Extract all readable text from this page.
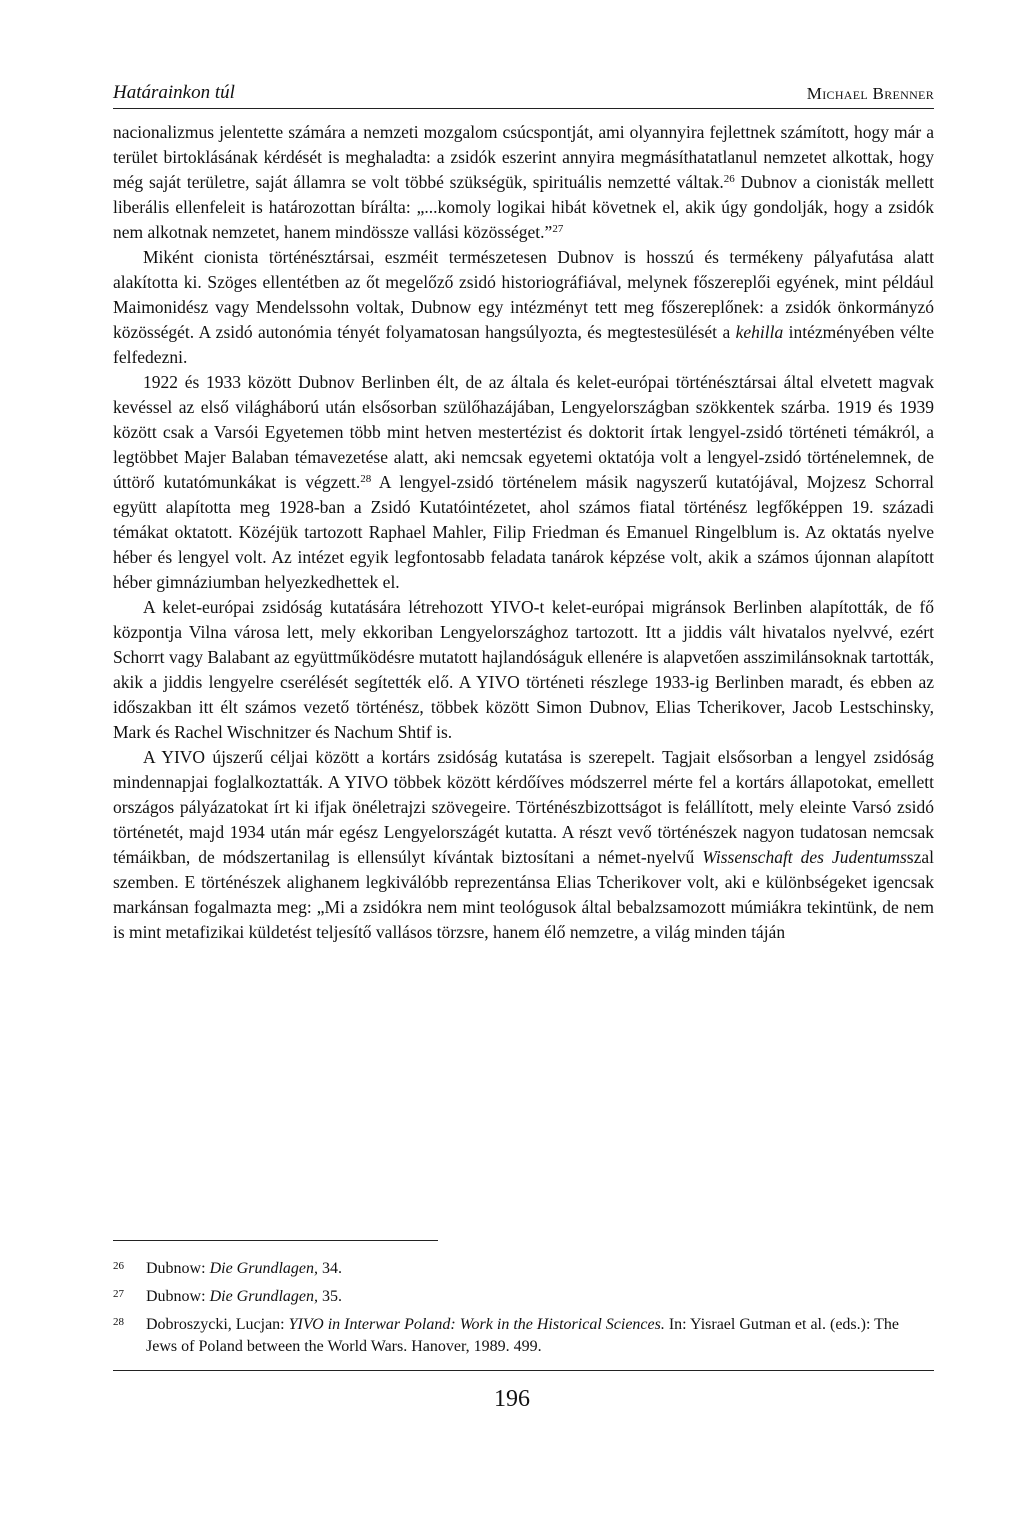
Határainkon túl	Michael Brenner

nacionalizmus jelentette számára a nemzeti mozgalom csúcspontját, ami olyannyira fejlettnek számított, hogy már a terület birtoklásának kérdését is meghaladta: a zsidók eszerint annyira megmásíthatatlanul nemzetet alkottak, hogy még saját területre, saját államra se volt többé szükségük, spirituális nemzetté váltak.$^{26}$ Dubnov a cionisták mellett liberális ellenfeleit is határozottan bírálta: „...komoly logikai hibát követnek el, akik úgy gondolják, hogy a zsidók nem alkotnak nemzetet, hanem mindössze vallási közösséget.”$^{27}$

Miként cionista történésztársai, eszméit természetesen Dubnov is hosszú és termékeny pályafutása alatt alakította ki. Szöges ellentétben az őt megelőző zsidó historiográfiával, melynek főszereplői egyének, mint például Maimonidész vagy Mendelssohn voltak, Dubnow egy intézményt tett meg főszereplőnek: a zsidók önkormányzó közösségét. A zsidó autonómia tényét folyamatosan hangsúlyozta, és megtestesülését a kehilla intézményében vélte felfedezni.

1922 és 1933 között Dubnov Berlinben élt, de az általa és kelet-európai történésztársai által elvetett magvak kevéssel az első világháború után elsősorban szülőhazájában, Lengyelországban szökkentek szárba. 1919 és 1939 között csak a Varsói Egyetemen több mint hetven mestertézist és doktorit írtak lengyel-zsidó történeti témákról, a legtöbbet Majer Balaban témavezetése alatt, aki nemcsak egyetemi oktatója volt a lengyel-zsidó történelemnek, de úttörő kutatómunkákat is végzett.$^{28}$ A lengyel-zsidó történelem másik nagyszerű kutatójával, Mojzesz Schorral együtt alapította meg 1928-ban a Zsidó Kutatóintézetet, ahol számos fiatal történész legfőképpen 19. századi témákat oktatott. Közéjük tartozott Raphael Mahler, Filip Friedman és Emanuel Ringelblum is. Az oktatás nyelve héber és lengyel volt. Az intézet egyik legfontosabb feladata tanárok képzése volt, akik a számos újonnan alapított héber gimnáziumban helyezkedhettek el.

A kelet-európai zsidóság kutatására létrehozott YIVO-t kelet-európai migránsok Berlinben alapították, de fő központja Vilna városa lett, mely ekkoriban Lengyelországhoz tartozott. Itt a jiddis vált hivatalos nyelvvé, ezért Schorrt vagy Balabant az együttműködésre mutatott hajlandóságuk ellenére is alapvetően asszimilánsoknak tartották, akik a jiddis lengyelre cserélését segítették elő. A YIVO történeti részlege 1933-ig Berlinben maradt, és ebben az időszakban itt élt számos vezető történész, többek között Simon Dubnov, Elias Tcherikover, Jacob Lestschinsky, Mark és Rachel Wischnitzer és Nachum Shtif is.

A YIVO újszerű céljai között a kortárs zsidóság kutatása is szerepelt. Tagjait elsősorban a lengyel zsidóság mindennapjai foglalkoztatták. A YIVO többek között kérdőíves módszerrel mérte fel a kortárs állapotokat, emellett országos pályázatokat írt ki ifjak önéletrajzi szövegeire. Történészbizottságot is felállított, mely eleinte Varsó zsidó történetét, majd 1934 után már egész Lengyelországét kutatta. A részt vevő történészek nagyon tudatosan nemcsak témáikban, de módszertanilag is ellensúlyt kívántak biztosítani a német-nyelvű Wissenschaft des Judentumsszal szemben. E történészek alighanem legkiválóbb reprezentánsa Elias Tcherikover volt, aki e különbségeket igencsak markánsan fogalmazta meg: „Mi a zsidókra nem mint teológusok által bebalzsamozott múmiákra tekintünk, de nem is mint metafizikai küldetést teljesítő vallásos törzsre, hanem élő nemzetre, a világ minden táján

26 Dubnow: Die Grundlagen, 34.
27 Dubnow: Die Grundlagen, 35.
28 Dobroszycki, Lucjan: YIVO in Interwar Poland: Work in the Historical Sciences. In: Yisrael Gutman et al. (eds.): The Jews of Poland between the World Wars. Hanover, 1989. 499.
196
